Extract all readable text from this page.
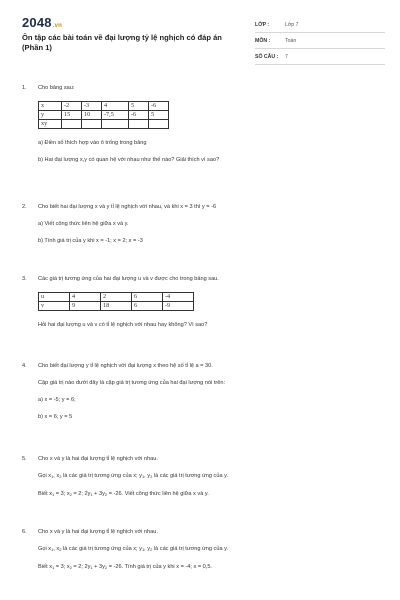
2048.vn
Ôn tập các bài toán về đại lượng tỷ lệ nghịch có đáp án (Phần 1)
LỚP :	Lớp 7
MÔN :	Toán
SỐ CÂU :	7
1. Cho bảng sau:

x	-2	-3	4	5	-6
y	15	10	-7,5	-6	5
xy					

a) Điền số thích hợp vào ô trống trong bảng

b) Hai đại lượng x,y có quan hệ với nhau như thế nào? Giải thích vì sao?

2. Cho biết hai đại lượng x và y tỉ lệ nghịch với nhau, và khi x = 3 thì y = -6

a) Viết công thức liên hệ giữa x và y.

b) Tính giá trị của y khi x = -1; x = 2; x = -3

3. Các giá trị tương ứng của hai đại lượng u và v được cho trong bảng sau.

u	4	2	6	-4
v	9	18	6	-9

Hỏi hai đại lượng u và v có tỉ lệ nghịch với nhau hay không? Vì sao?

4. Cho biết đại lượng y tỉ lệ nghịch với đại lượng x theo hệ số tỉ lệ a = 30.

Cặp giá trị nào dưới đây là cặp giá trị tương ứng của hai đại lượng nói trên:

a) x = -5; y = 6;

b) x = 6; y = 5

5. Cho x và y là hai đại lượng tỉ lệ nghịch với nhau.

Gọi $x_1$, $x_2$ là các giá trị tương ứng của x; $y_1$, $y_2$ là các giá trị tương ứng của y.

Biết $x_1 = 3$; $x_2 = 2$; $2y_1 + 3y_2 = -26$. Viết công thức liên hệ giữa x và y.

6. Cho x và y là hai đại lượng tỉ lệ nghịch với nhau.

Gọi $x_1$, $x_2$ là các giá trị tương ứng của x; $y_1$, $y_2$ là các giá trị tương ứng của y.

Biết $x_1 = 3$; $x_2 = 2$; $2y_1 + 3y_2 = -26$. Tính giá trị của y khi x = -4; x = 0,5.
